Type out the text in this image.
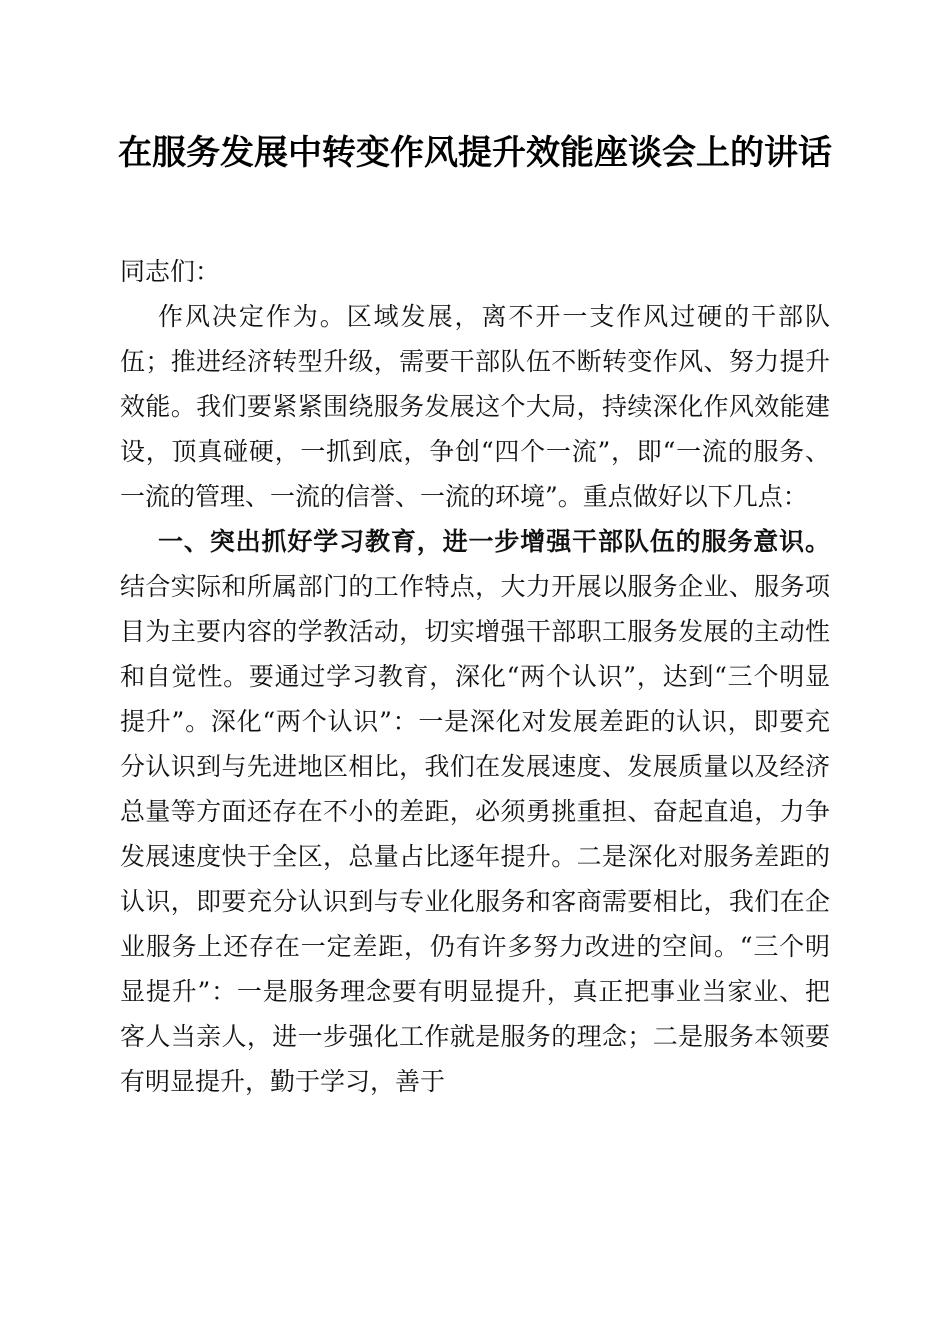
在服务发展中转变作风提升效能座谈会上的讲话

同志们：

作风决定作为。区域发展，离不开一支作风过硬的干部队伍；推进经济转型升级，需要干部队伍不断转变作风、努力提升效能。我们要紧紧围绕服务发展这个大局，持续深化作风效能建设，顶真碰硬，一抓到底，争创“四个一流”，即“一流的服务、一流的管理、一流的信誉、一流的环境”。重点做好以下几点：

一、突出抓好学习教育，进一步增强干部队伍的服务意识。结合实际和所属部门的工作特点，大力开展以服务企业、服务项目为主要内容的学教活动，切实增强干部职工服务发展的主动性和自觉性。要通过学习教育，深化“两个认识”，达到“三个明显提升”。深化“两个认识”：一是深化对发展差距的认识，即要充分认识到与先进地区相比，我们在发展速度、发展质量以及经济总量等方面还存在不小的差距，必须勇挑重担、奋起直追，力争发展速度快于全区，总量占比逐年提升。二是深化对服务差距的认识，即要充分认识到与专业化服务和客商需要相比，我们在企业服务上还存在一定差距，仍有许多努力改进的空间。“三个明显提升”：一是服务理念要有明显提升，真正把事业当家业、把客人当亲人，进一步强化工作就是服务的理念；二是服务本领要有明显提升，勤于学习，善于
